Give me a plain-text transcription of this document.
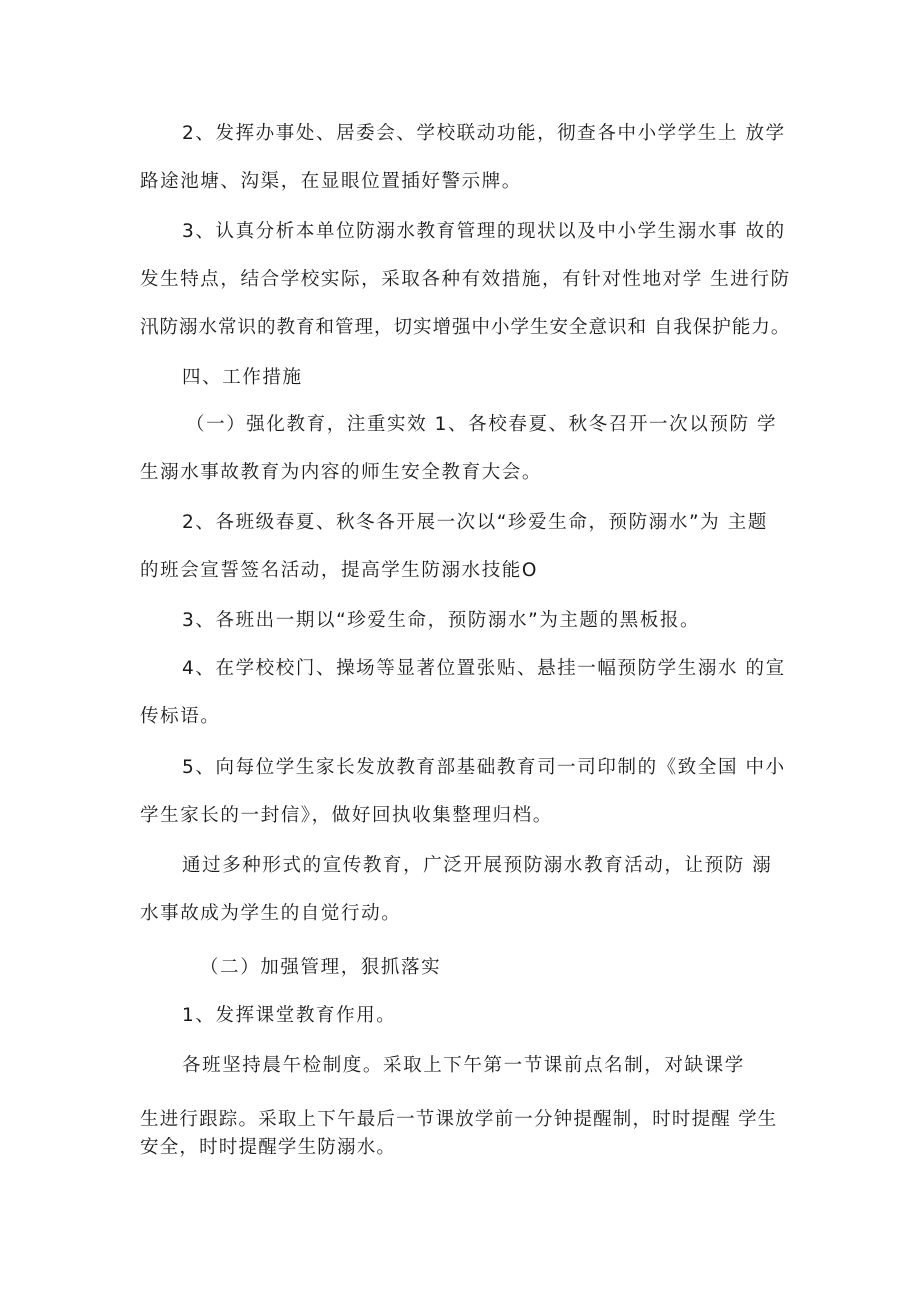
2、发挥办事处、居委会、学校联动功能，彻查各中小学学生上 放学
路途池塘、沟渠，在显眼位置插好警示牌。
3、认真分析本单位防溺水教育管理的现状以及中小学生溺水事 故的
发生特点，结合学校实际，采取各种有效措施，有针对性地对学 生进行防
汛防溺水常识的教育和管理，切实增强中小学生安全意识和 自我保护能力。
四、工作措施
（一）强化教育，注重实效 1、各校春夏、秋冬召开一次以预防 学
生溺水事故教育为内容的师生安全教育大会。
2、各班级春夏、秋冬各开展一次以“珍爱生命，预防溺水”为 主题
的班会宣誓签名活动，提高学生防溺水技能O
3、各班出一期以“珍爱生命，预防溺水”为主题的黑板报。
4、在学校校门、操场等显著位置张贴、悬挂一幅预防学生溺水 的宣
传标语。
5、向每位学生家长发放教育部基础教育司一司印制的《致全国 中小
学生家长的一封信》，做好回执收集整理归档。
通过多种形式的宣传教育，广泛开展预防溺水教育活动，让预防 溺
水事故成为学生的自觉行动。
（二）加强管理，狠抓落实
1、发挥课堂教育作用。
各班坚持晨午检制度。采取上下午第一节课前点名制，对缺课学
生进行跟踪。采取上下午最后一节课放学前一分钟提醒制，时时提醒 学生
安全，时时提醒学生防溺水。
